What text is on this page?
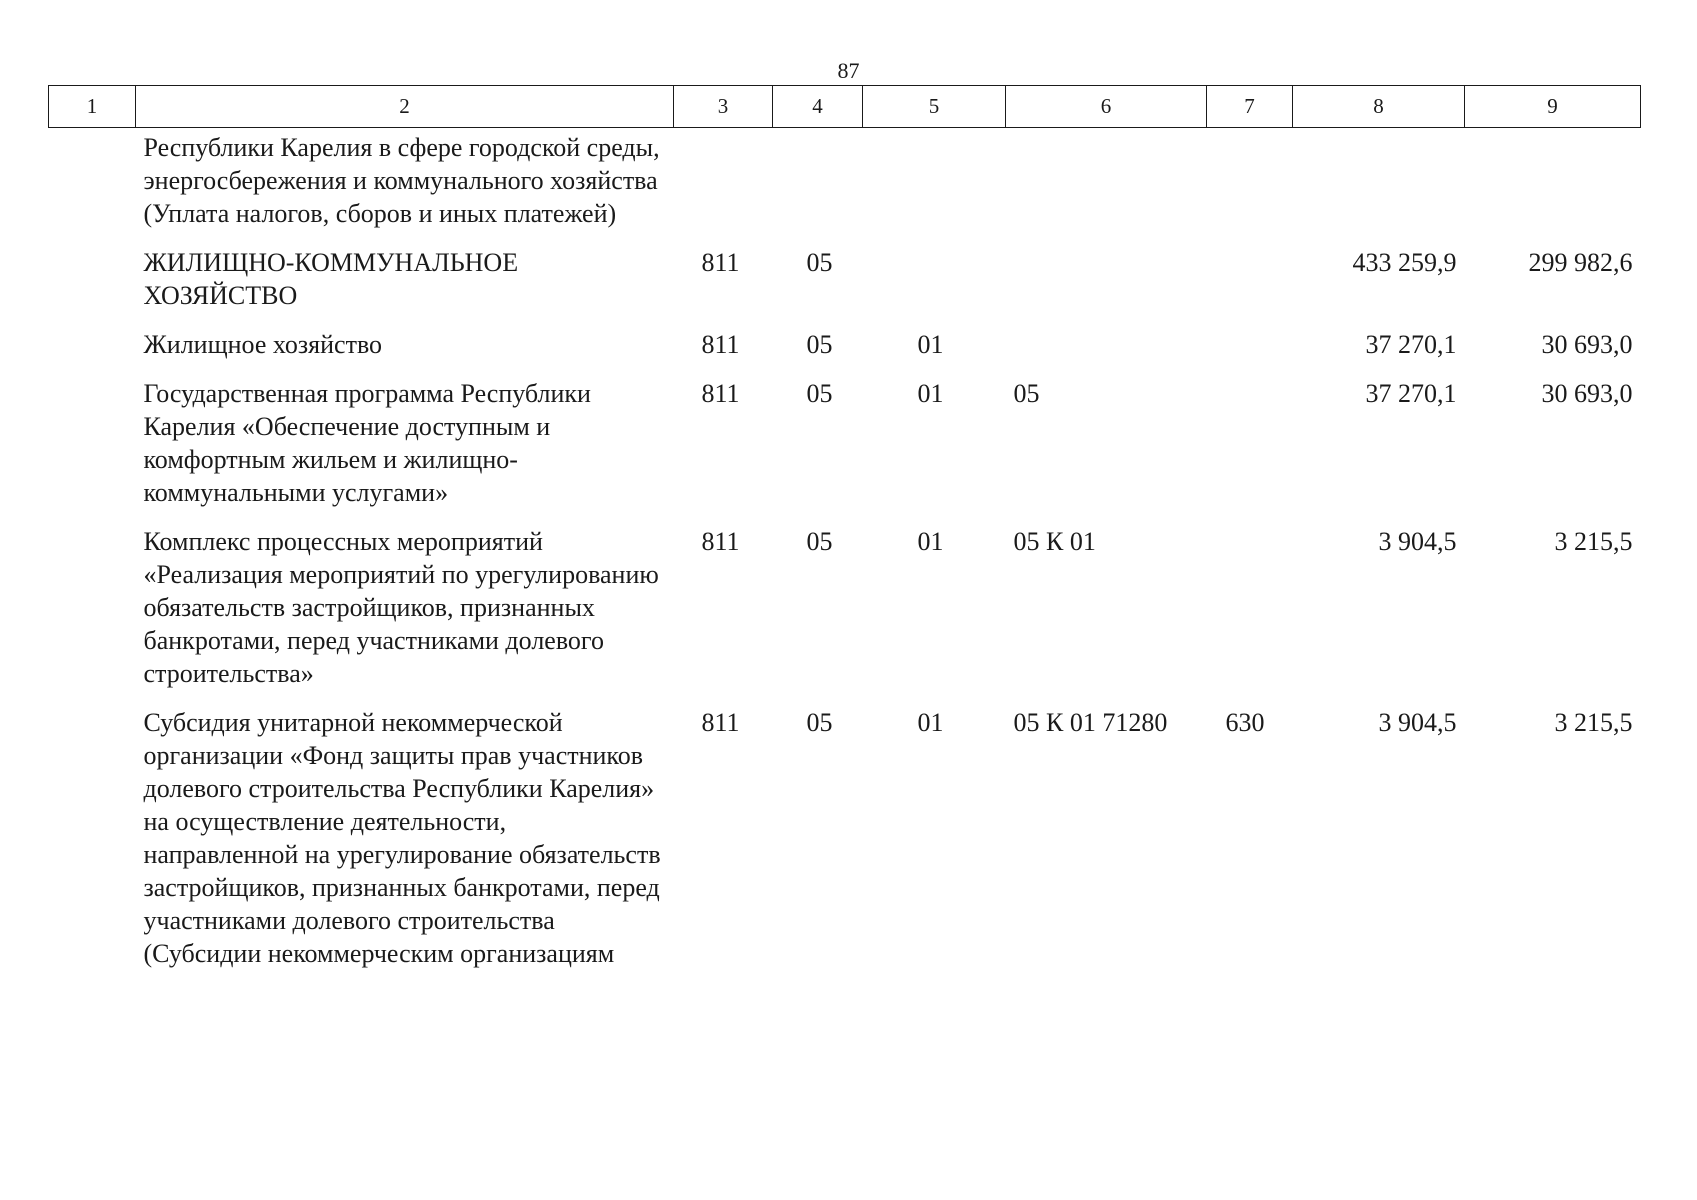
87
1	2	3	4	5	6	7	8	9
	Республики Карелия в сфере городской среды, энергосбережения и коммунального хозяйства (Уплата налогов, сборов и иных платежей)							
	ЖИЛИЩНО-КОММУНАЛЬНОЕ ХОЗЯЙСТВО	811	05				433 259,9	299 982,6
	Жилищное хозяйство	811	05	01			37 270,1	30 693,0
	Государственная программа Республики Карелия «Обеспечение доступным и комфортным жильем и жилищно-коммунальными услугами»	811	05	01	05		37 270,1	30 693,0
	Комплекс процессных мероприятий «Реализация мероприятий по урегулированию обязательств застройщиков, признанных банкротами, перед участниками долевого строительства»	811	05	01	05 К 01		3 904,5	3 215,5
	Субсидия унитарной некоммерческой организации «Фонд защиты прав участников долевого строительства Республики Карелия» на осуществление деятельности, направленной на урегулирование обязательств застройщиков, признанных банкротами, перед участниками долевого строительства (Субсидии некоммерческим организациям	811	05	01	05 К 01 71280	630	3 904,5	3 215,5
